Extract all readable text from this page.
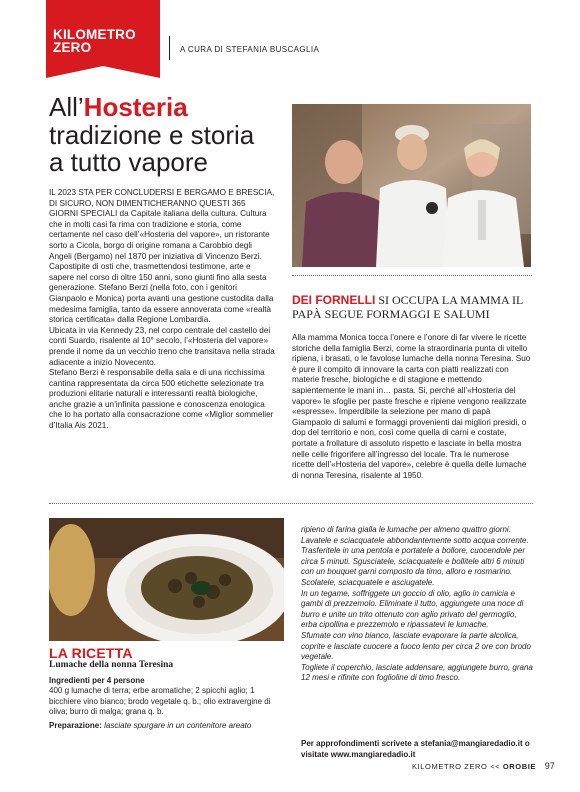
KILOMETRO
ZERO	A CURA DI STEFANIA BUSCAGLIA
All’Hosteria
tradizione e storia
a tutto vapore

IL 2023 STA PER CONCLUDERSI E BERGAMO E BRESCIA, DI SICURO, NON DIMENTICHERANNO QUESTI 365 GIORNI SPECIALI da Capitale italiana della cultura. Cultura che in molti casi fa rima con tradizione e storia, come certamente nel caso dell’«Hosteria del vapore», un ristorante sorto a Cicola, borgo di origine romana a Carobbio degli Angeli (Bergamo) nel 1870 per iniziativa di Vincenzo Berzi. Capostipite di osti che, trasmettendosi testimone, arte e sapere nel corso di oltre 150 anni, sono giunti fino alla sesta generazione. Stefano Berzi (nella foto, con i genitori Gianpaolo e Monica) porta avanti una gestione custodita dalla medesima famiglia, tanto da essere annoverata come «realtà storica certificata» dalla Regione Lombardia.

Ubicata in via Kennedy 23, nel corpo centrale del castello dei conti Suardo, risalente al 10° secolo, l’«Hosteria del vapore» prende il nome da un vecchio treno che transitava nella strada adiacente a inizio Novecento.

Stefano Berzi è responsabile della sala e di una ricchissima cantina rappresentata da circa 500 etichette selezionate tra produzioni elitarie naturali e interessanti realtà biologiche, anche grazie a un’infinita passione e conoscenza enologica che lo ha portato alla consacrazione come «Miglior sommelier d’Italia Ais 2021.

DEI FORNELLI SI OCCUPA LA MAMMA IL PAPÀ SEGUE FORMAGGI E SALUMI

Alla mamma Monica tocca l’onere e l’onore di far vivere le ricette storiche della famiglia Berzi, come la straordinaria punta di vitello ripiena, i brasati, o le favolose lumache della nonna Teresina. Suo è pure il compito di innovare la carta con piatti realizzati con materie fresche, biologiche e di stagione e mettendo sapientemente le mani in… pasta. Si, perché all’«Hosteria del vapore» le sfoglie per paste fresche e ripiene vengono realizzate «espresse». Imperdibile la selezione per mano di papà Giampaolo di salumi e formaggi provenienti dai migliori presidi, o dop del territorio e non, così come quella di carni e costate, portate a frollature di assoluto rispetto e lasciate in bella mostra nelle celle frigorifere all’ingresso del locale. Tra le numerose ricette dell’«Hosteria del vapore», celebre è quella delle lumache di nonna Teresina, risalente al 1950.

LA RICETTA
Lumache della nonna Teresina

Ingredienti per 4 persone

400 g lumache di terra; erbe aromatiche; 2 spicchi aglio; 1 bicchiere vino bianco; brodo vegetale q. b.; olio extravergine di oliva; burro di malga; grana q. b.

Preparazione: lasciate spurgare in un contenitore areato

ripieno di farina gialla le lumache per almeno quattro giorni. Lavatele e sciacquatele abbondantemente sotto acqua corrente. Trasferitele in una pentola e portatele a bollore, cuocendole per circa 5 minuti. Sgusciatele, sciacquatele e bollitele altri 6 minuti con un bouquet garni composto da timo, alloro e rosmarino.

Scolatele, sciacquatele e asciugatele.

In un tegame, soffriggete un goccio di olio, aglio in camicia e gambi di prezzemolo. Eliminate il tutto, aggiungete una noce di burro e unite un trito ottenuto con aglio privato del germoglio, erba cipollina e prezzemolo e ripassatevi le lumache.

Sfumate con vino bianco, lasciate evaporare la parte alcolica, coprite e lasciate cuocere a fuoco lento per circa 2 ore con brodo vegetale.

Togliete il coperchio, lasciate addensare, aggiungete burro, grana 12 mesi e rifinite con foglioline di timo fresco.

Per approfondimenti scrivete a stefania@mangiaredadio.it o visitate www.mangiaredadio.it
KILOMETRO ZERO << OROBIE 97
